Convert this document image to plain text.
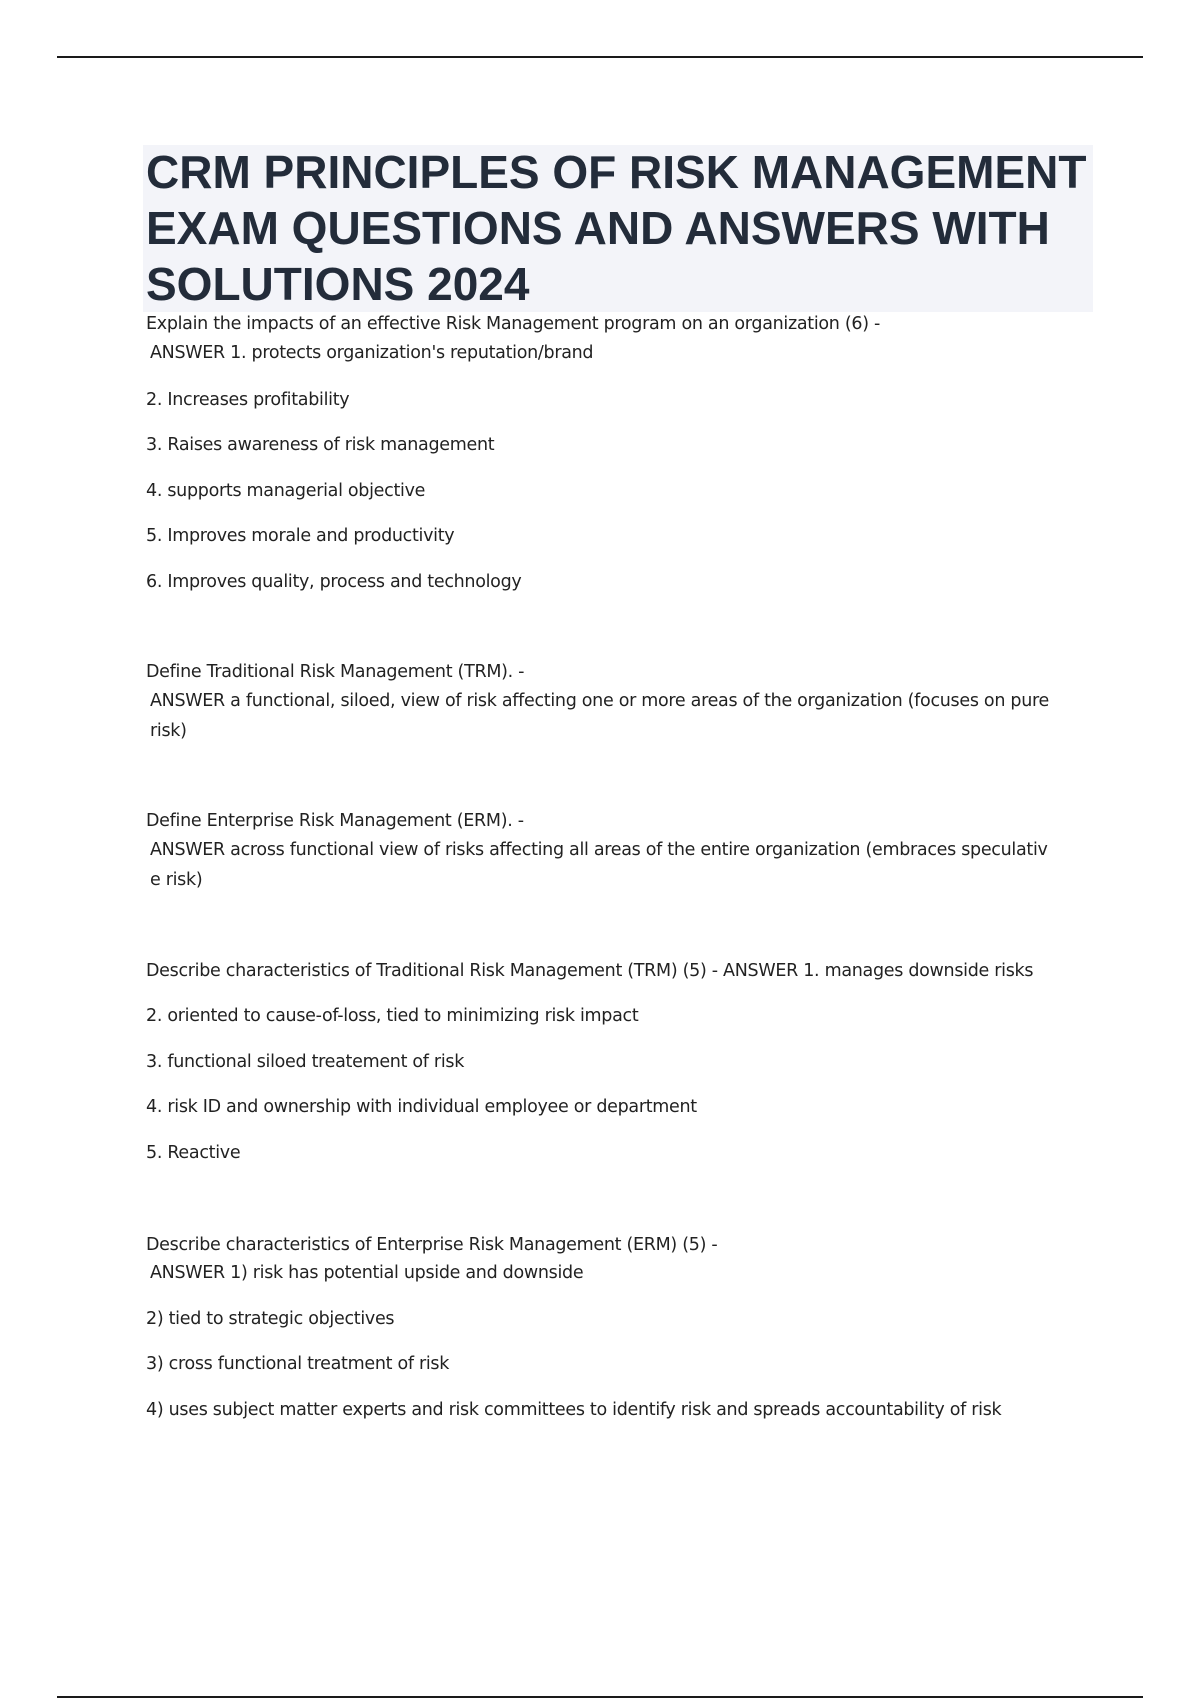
CRM PRINCIPLES OF RISK MANAGEMENT EXAM QUESTIONS AND ANSWERS WITH SOLUTIONS 2024
Explain the impacts of an effective Risk Management program on an organization (6) -
ANSWER 1. protects organization's reputation/brand
2. Increases profitability
3. Raises awareness of risk management
4. supports managerial objective
5. Improves morale and productivity
6. Improves quality, process and technology
Define Traditional Risk Management (TRM). -
ANSWER a functional, siloed, view of risk affecting one or more areas of the organization (focuses on pure
risk)
Define Enterprise Risk Management (ERM). -
ANSWER across functional view of risks affecting all areas of the entire organization (embraces speculativ
e risk)
Describe characteristics of Traditional Risk Management (TRM) (5) - ANSWER 1. manages downside risks
2. oriented to cause-of-loss, tied to minimizing risk impact
3. functional siloed treatement of risk
4. risk ID and ownership with individual employee or department
5. Reactive
Describe characteristics of Enterprise Risk Management (ERM) (5) -
ANSWER 1) risk has potential upside and downside
2) tied to strategic objectives
3) cross functional treatment of risk
4) uses subject matter experts and risk committees to identify risk and spreads accountability of risk
